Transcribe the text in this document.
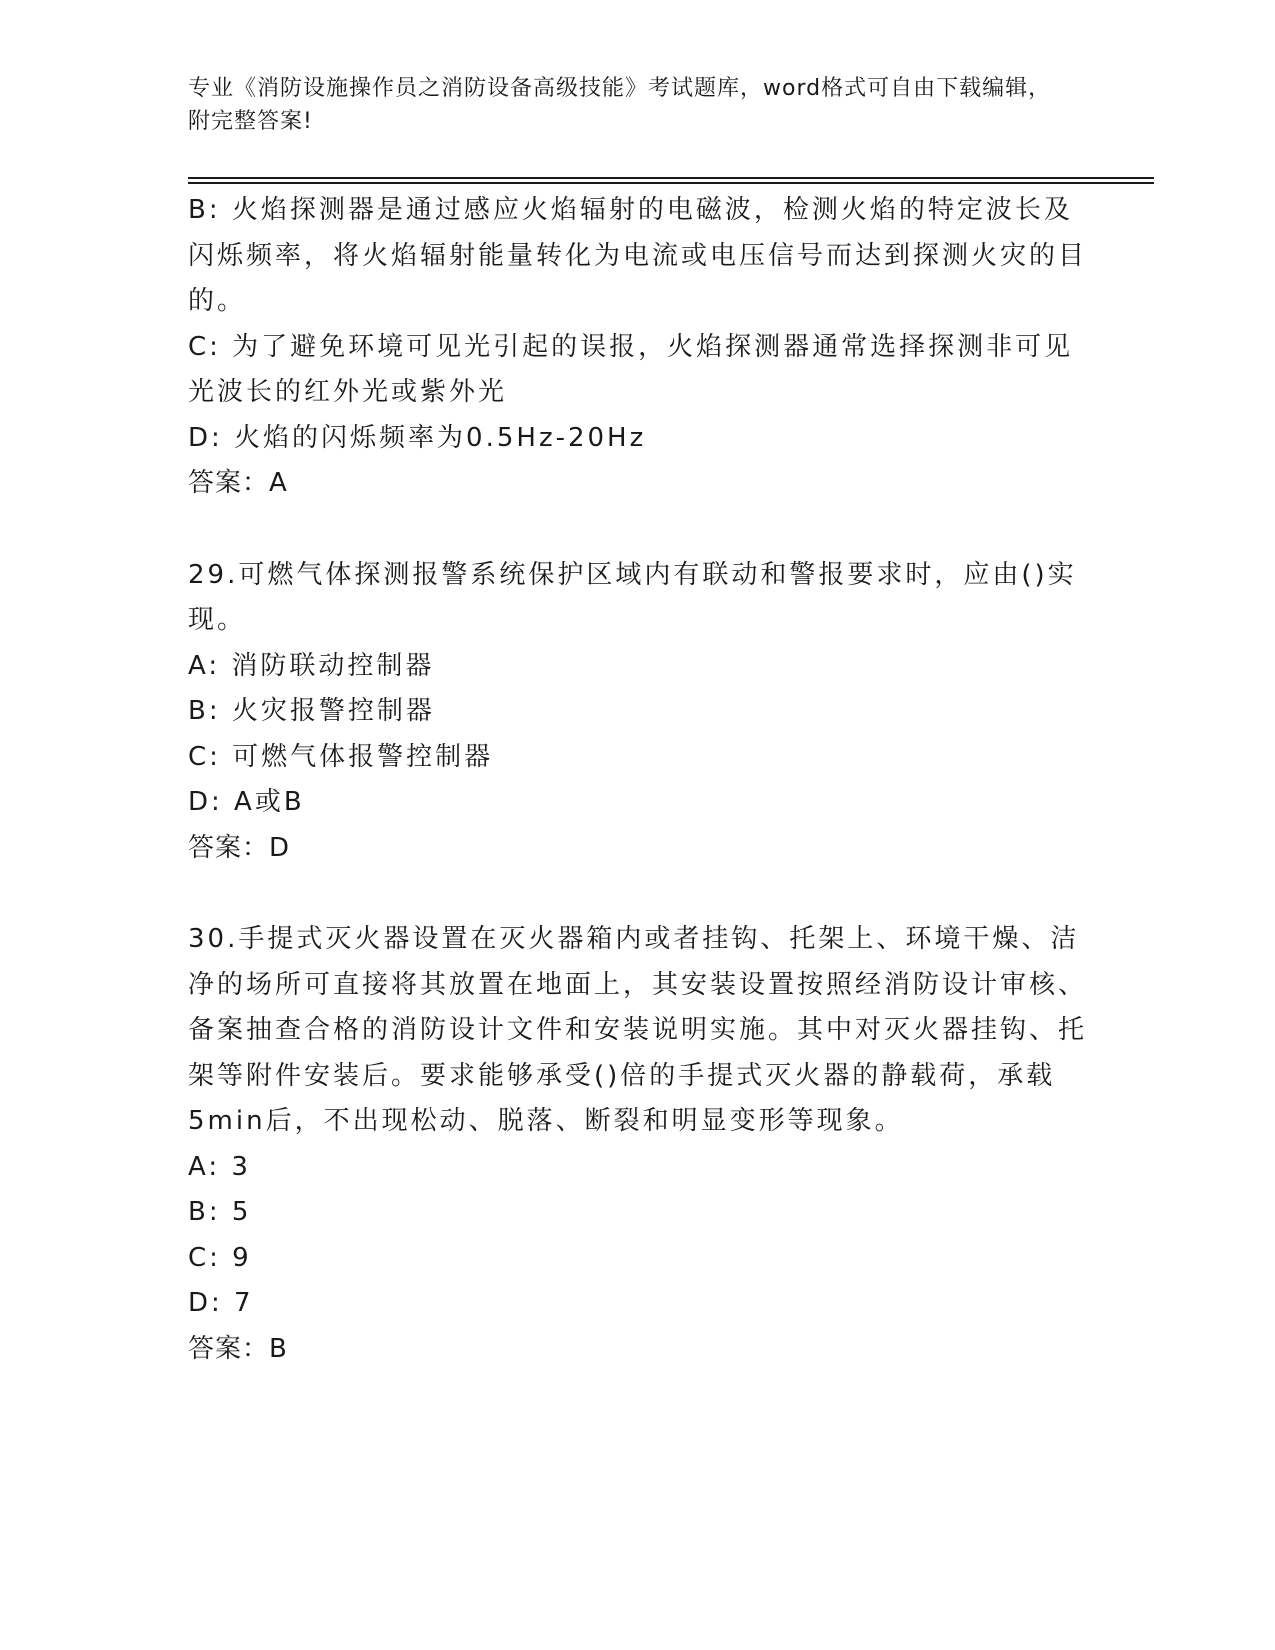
专业《消防设施操作员之消防设备高级技能》考试题库，word格式可自由下载编辑，附完整答案!

B: 火焰探测器是通过感应火焰辐射的电磁波，检测火焰的特定波长及闪烁频率，将火焰辐射能量转化为电流或电压信号而达到探测火灾的目的。

C: 为了避免环境可见光引起的误报，火焰探测器通常选择探测非可见光波长的红外光或紫外光

D: 火焰的闪烁频率为0.5Hz-20Hz

答案：A

29.可燃气体探测报警系统保护区域内有联动和警报要求时，应由()实现。

A: 消防联动控制器

B: 火灾报警控制器

C: 可燃气体报警控制器

D: A或B

答案：D

30.手提式灭火器设置在灭火器箱内或者挂钩、托架上、环境干燥、洁净的场所可直接将其放置在地面上，其安装设置按照经消防设计审核、备案抽查合格的消防设计文件和安装说明实施。其中对灭火器挂钩、托架等附件安装后。要求能够承受()倍的手提式灭火器的静载荷，承载5min后，不出现松动、脱落、断裂和明显变形等现象。

A: 3

B: 5

C: 9

D: 7

答案：B
